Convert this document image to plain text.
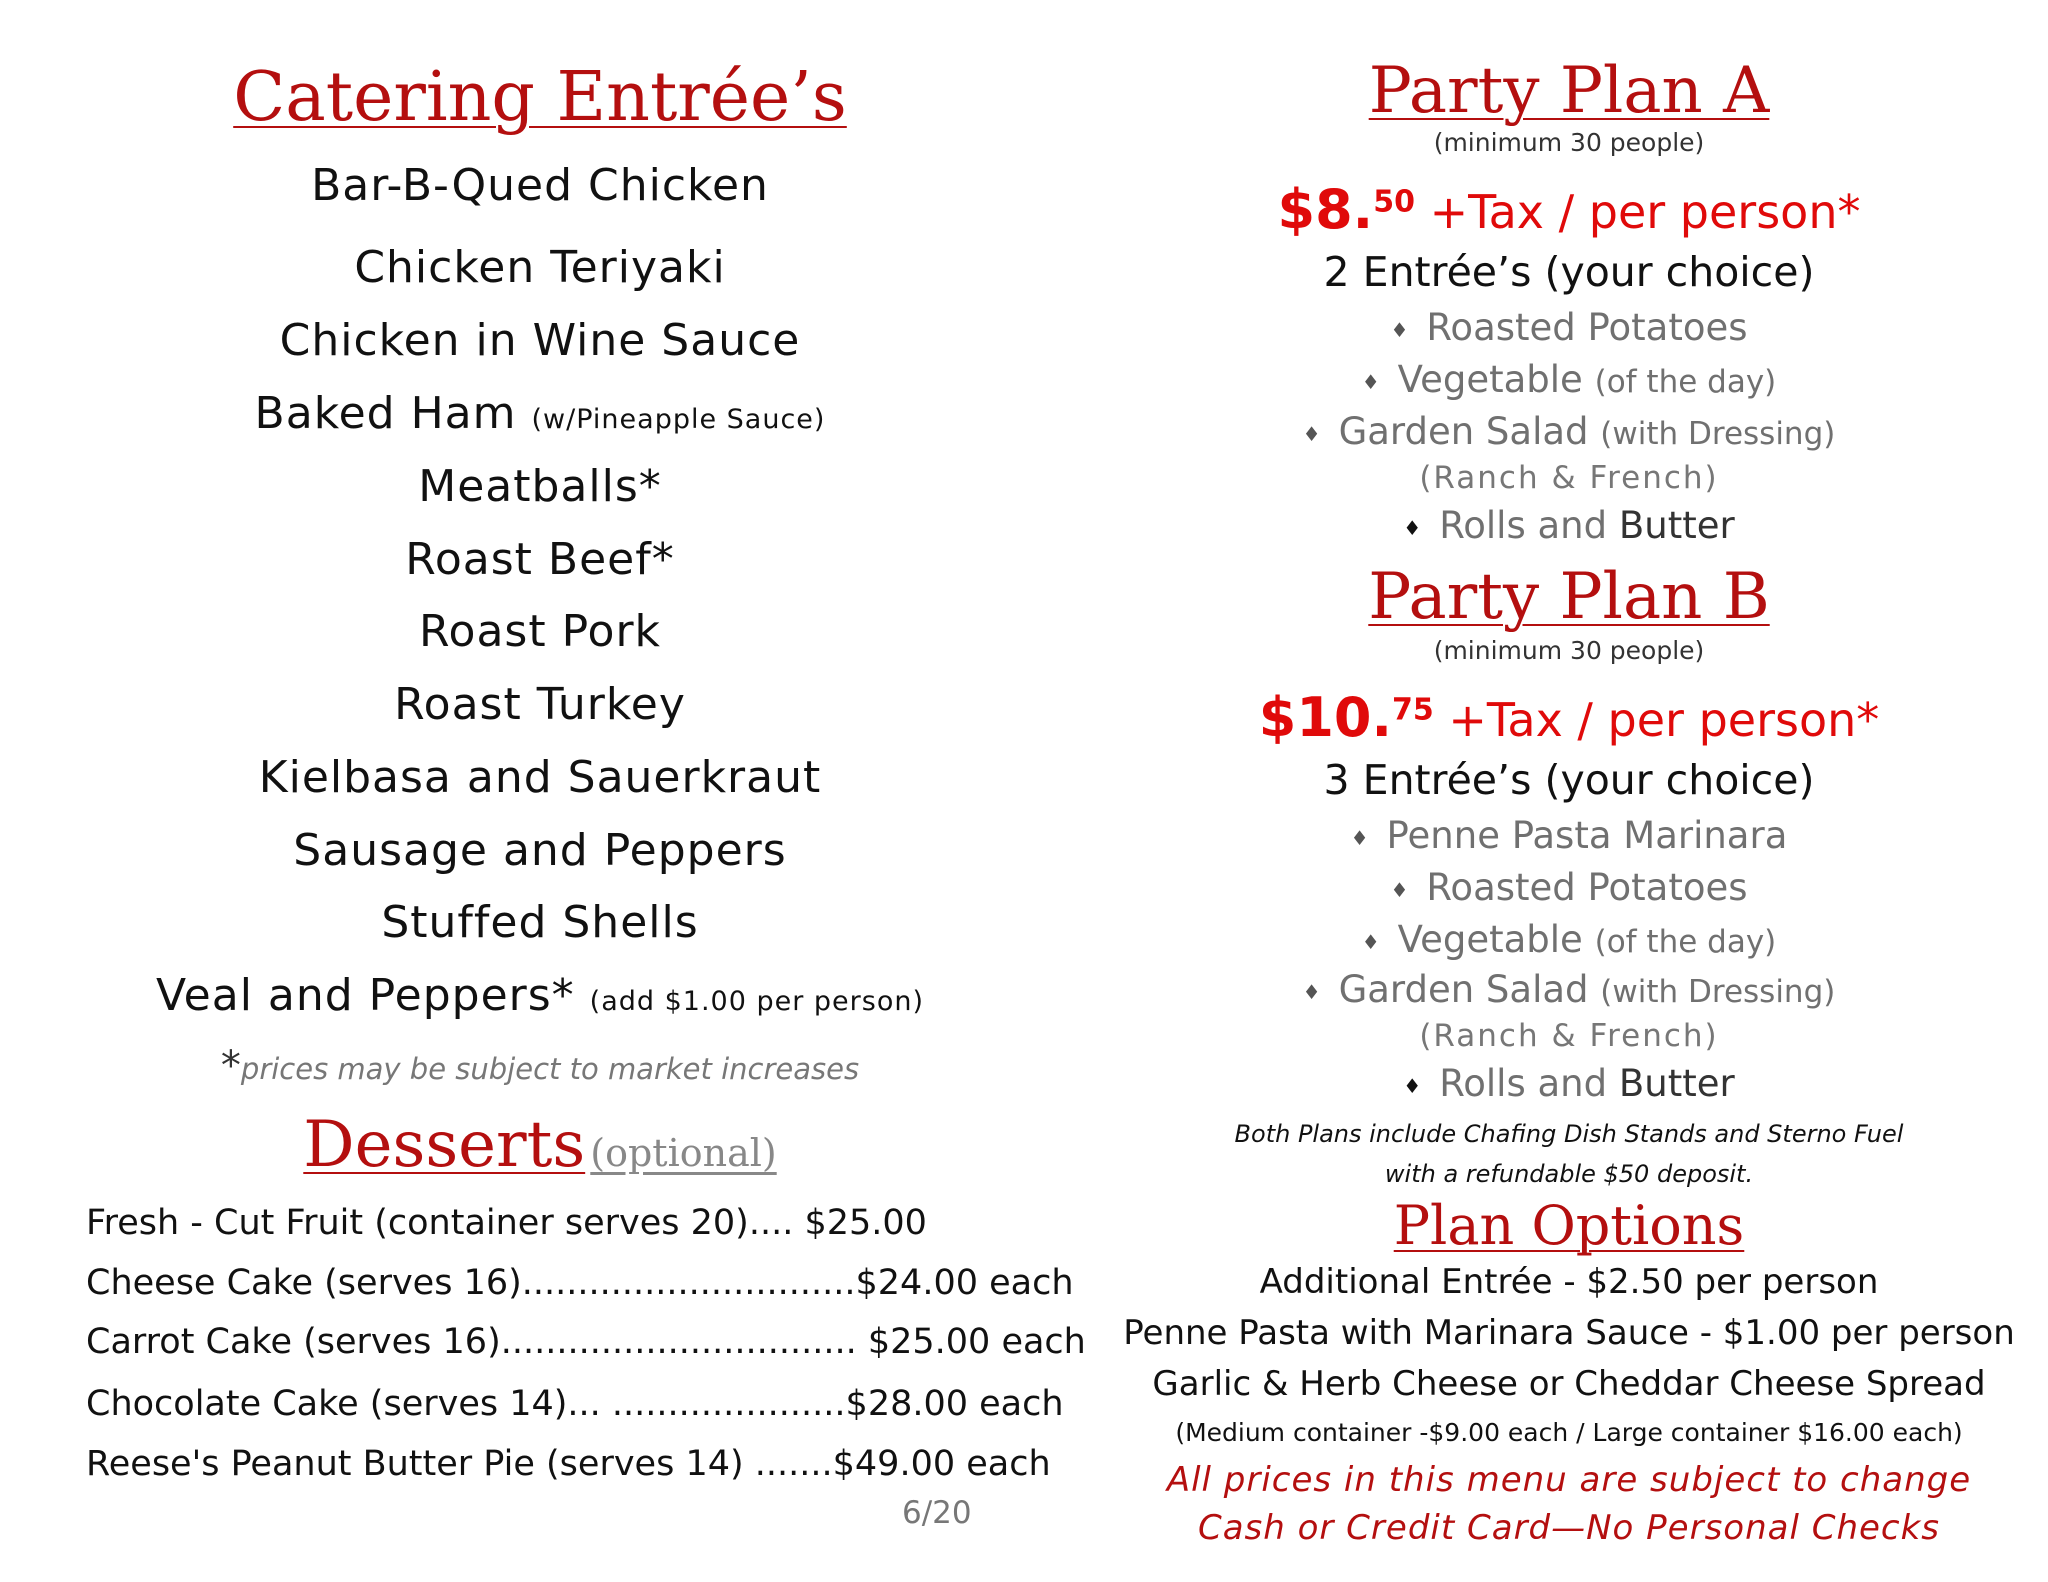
Catering Entrée’s
Bar-B-Qued Chicken
Chicken Teriyaki
Chicken in Wine Sauce
Baked Ham (w/Pineapple Sauce)
Meatballs*
Roast Beef*
Roast Pork
Roast Turkey
Kielbasa and Sauerkraut
Sausage and Peppers
Stuffed Shells
Veal and Peppers* (add $1.00 per person)
*prices may be subject to market increases
Desserts (optional)
Fresh - Cut Fruit (container serves 20).... $25.00
Cheese Cake (serves 16)..............................$24.00 each
Carrot Cake (serves 16)................................ $25.00 each
Chocolate Cake (serves 14)... .....................$28.00 each
Reese's Peanut Butter Pie (serves 14) .......$49.00 each
6/20
Party Plan A
(minimum 30 people)
$8.50 +Tax / per person*
2 Entrée’s (your choice)
♦ Roasted Potatoes
♦ Vegetable (of the day)
♦ Garden Salad (with Dressing)
(Ranch & French)
♦ Rolls and Butter
Party Plan B
(minimum 30 people)
$10.75 +Tax / per person*
3 Entrée’s (your choice)
♦ Penne Pasta Marinara
♦ Roasted Potatoes
♦ Vegetable (of the day)
♦ Garden Salad (with Dressing)
(Ranch & French)
♦ Rolls and Butter
Both Plans include Chafing Dish Stands and Sterno Fuel
with a refundable $50 deposit.
Plan Options
Additional Entrée - $2.50 per person
Penne Pasta with Marinara Sauce - $1.00 per person
Garlic & Herb Cheese or Cheddar Cheese Spread
(Medium container -$9.00 each / Large container $16.00 each)
All prices in this menu are subject to change
Cash or Credit Card—No Personal Checks
